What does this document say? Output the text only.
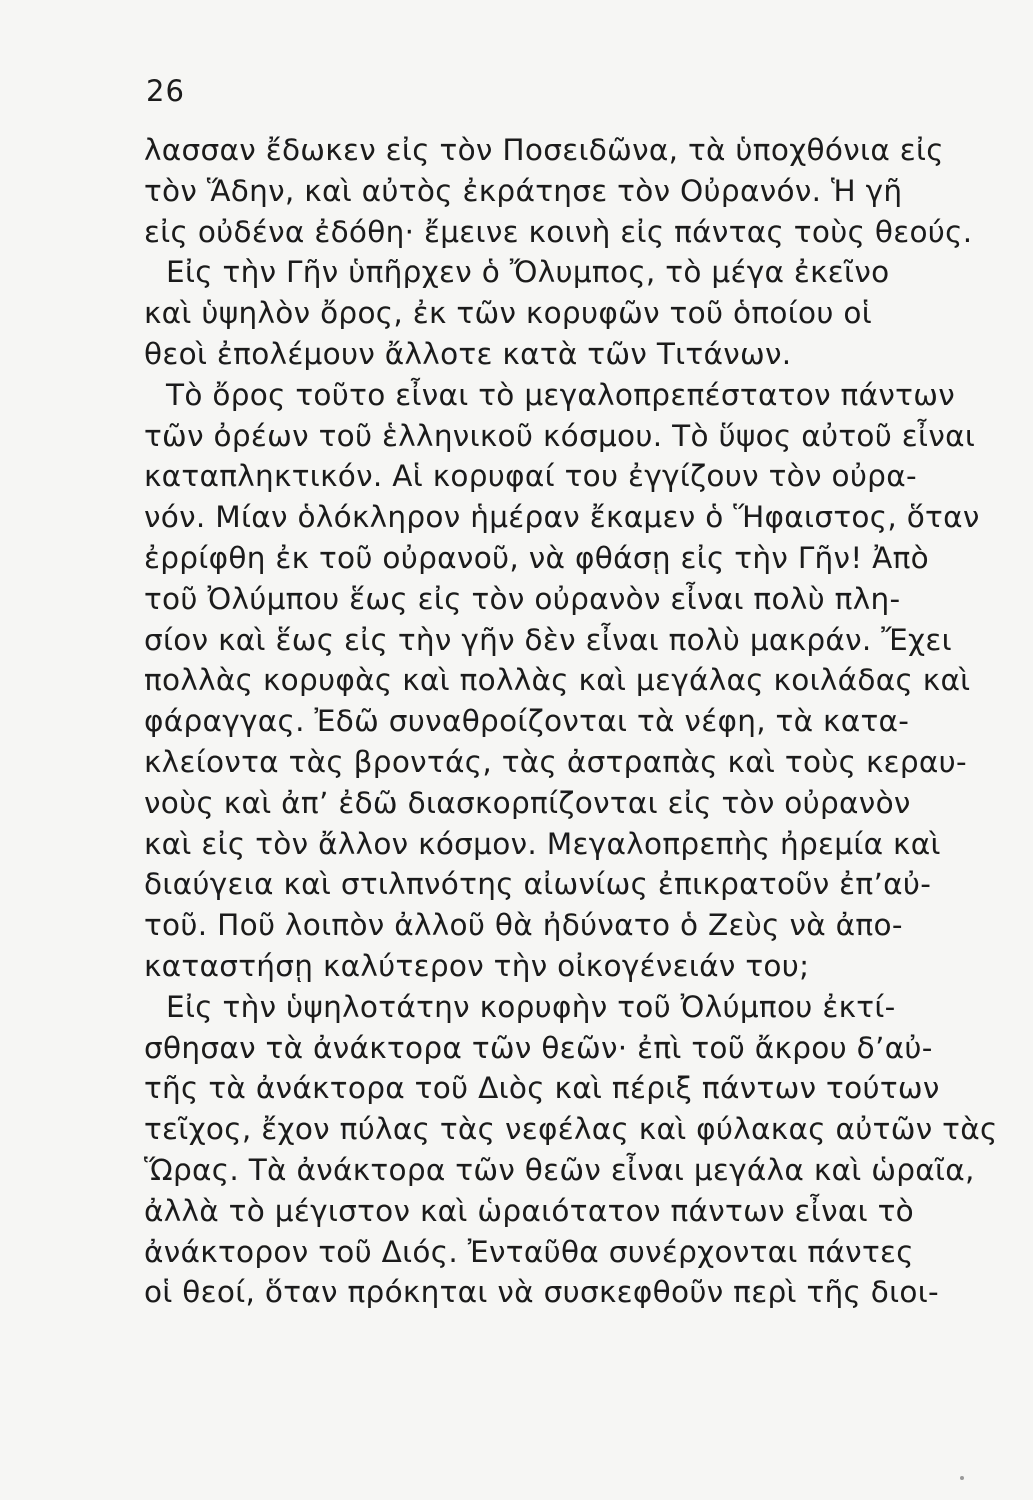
26
λασσαν ἔδωκεν εἰς τὸν Ποσειδῶνα, τὰ ὑποχθόνια εἰς
τὸν Ἅδην, καὶ αὐτὸς ἐκράτησε τὸν Οὐρανόν. Ἡ γῆ
εἰς οὐδένα ἐδόθη· ἔμεινε κοινὴ εἰς πάντας τοὺς θεούς.
Εἰς τὴν Γῆν ὑπῆρχεν ὁ Ὄλυμπος, τὸ μέγα ἐκεῖνο
καὶ ὑψηλὸν ὄρος, ἐκ τῶν κορυφῶν τοῦ ὁποίου οἱ
θεοὶ ἐπολέμουν ἄλλοτε κατὰ τῶν Τιτάνων.
Τὸ ὄρος τοῦτο εἶναι τὸ μεγαλοπρεπέστατον πάντων
τῶν ὀρέων τοῦ ἑλληνικοῦ κόσμου. Τὸ ὕψος αὐτοῦ εἶναι
καταπληκτικόν. Αἱ κορυφαί του ἐγγίζουν τὸν οὐρα-
νόν. Μίαν ὁλόκληρον ἡμέραν ἔκαμεν ὁ Ἥφαιστος, ὅταν
ἐρρίφθη ἐκ τοῦ οὐρανοῦ, νὰ φθάσῃ εἰς τὴν Γῆν! Ἀπὸ
τοῦ Ὀλύμπου ἕως εἰς τὸν οὐρανὸν εἶναι πολὺ πλη-
σίον καὶ ἕως εἰς τὴν γῆν δὲν εἶναι πολὺ μακράν. Ἔχει
πολλὰς κορυφὰς καὶ πολλὰς καὶ μεγάλας κοιλάδας καὶ
φάραγγας. Ἐδῶ συναθροίζονται τὰ νέφη, τὰ κατα-
κλείοντα τὰς βροντάς, τὰς ἀστραπὰς καὶ τοὺς κεραυ-
νοὺς καὶ ἀπ’ ἐδῶ διασκορπίζονται εἰς τὸν οὐρανὸν
καὶ εἰς τὸν ἄλλον κόσμον. Μεγαλοπρεπὴς ἠρεμία καὶ
διαύγεια καὶ στιλπνότης αἰωνίως ἐπικρατοῦν ἐπ’αὐ-
τοῦ. Ποῦ λοιπὸν ἀλλοῦ θὰ ἠδύνατο ὁ Ζεὺς νὰ ἀπο-
καταστήσῃ καλύτερον τὴν οἰκογένειάν του;
Εἰς τὴν ὑψηλοτάτην κορυφὴν τοῦ Ὀλύμπου ἐκτί-
σθησαν τὰ ἀνάκτορα τῶν θεῶν· ἐπὶ τοῦ ἄκρου δ’αὐ-
τῆς τὰ ἀνάκτορα τοῦ Διὸς καὶ πέριξ πάντων τούτων
τεῖχος, ἔχον πύλας τὰς νεφέλας καὶ φύλακας αὐτῶν τὰς
Ὥρας. Τὰ ἀνάκτορα τῶν θεῶν εἶναι μεγάλα καὶ ὡραῖα,
ἀλλὰ τὸ μέγιστον καὶ ὡραιότατον πάντων εἶναι τὸ
ἀνάκτορον τοῦ Διός. Ἐνταῦθα συνέρχονται πάντες
οἱ θεοί, ὅταν πρόκηται νὰ συσκεφθοῦν περὶ τῆς διοι-
